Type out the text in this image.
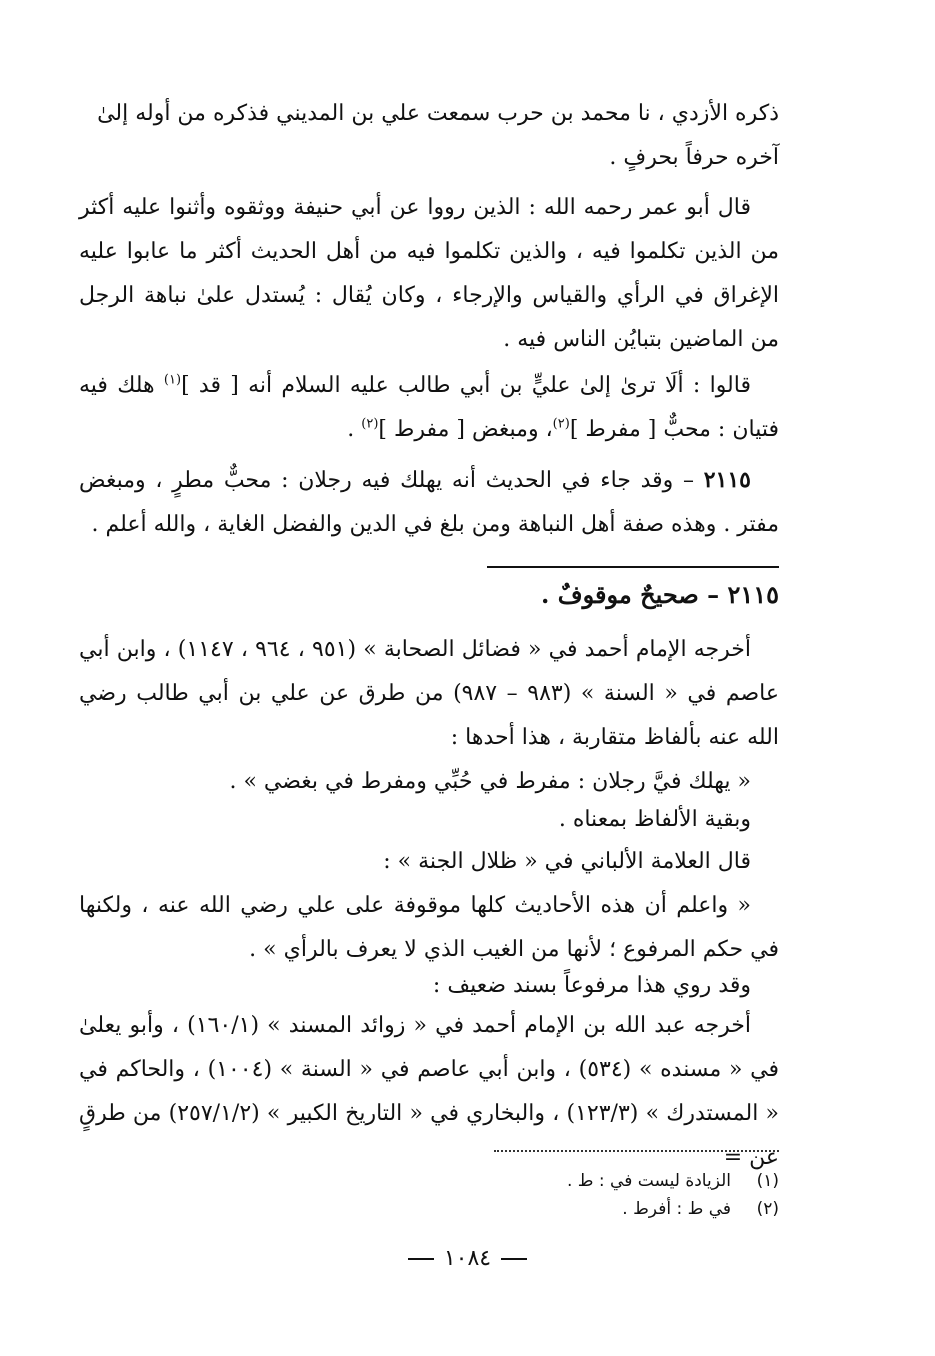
ذكره الأزدي ، نا محمد بن حرب سمعت علي بن المديني فذكره من أوله إلىٰ
آخره حرفاً بحرفٍ .

قال أبو عمر رحمه الله : الذين رووا عن أبي حنيفة ووثقوه وأثنوا عليه أكثر من الذين تكلموا فيه ، والذين تكلموا فيه من أهل الحديث أكثر ما عابوا عليه الإغراق في الرأي والقياس والإرجاء ، وكان يُقال : يُستدل علىٰ نباهة الرجل من الماضين بتبايُن الناس فيه .

قالوا : ألَا ترىٰ إلىٰ عليٍّ بن أبي طالب عليه السلام أنه [ قد ]$^{(١)}$ هلك فيه فتيان : محبٌّ [ مفرط ]$^{(٢)}$، ومبغض [ مفرط ]$^{(٢)}$ .

٢١١٥ – وقد جاء في الحديث أنه يهلك فيه رجلان : محبٌّ مطرٍ ، ومبغض مفتر . وهذه صفة أهل النباهة ومن بلغ في الدين والفضل الغاية ، والله أعلم .

٢١١٥ – صحيحٌ موقوفٌ .

أخرجه الإمام أحمد في « فضائل الصحابة » (٩٥١ ، ٩٦٤ ، ١١٤٧) ، وابن أبي عاصم في « السنة » (٩٨٣ – ٩٨٧) من طرق عن علي بن أبي طالب رضي الله عنه بألفاظ متقاربة ، هذا أحدها :

« يهلك فيَّ رجلان : مفرط في حُبِّي ومفرط في بغضي » .

وبقية الألفاظ بمعناه .

قال العلامة الألباني في « ظلال الجنة » :

« واعلم أن هذه الأحاديث كلها موقوفة على علي رضي الله عنه ، ولكنها في حكم المرفوع ؛ لأنها من الغيب الذي لا يعرف بالرأي » .

وقد روي هذا مرفوعاً بسند ضعيف :

أخرجه عبد الله بن الإمام أحمد في « زوائد المسند » (١٦٠/١) ، وأبو يعلىٰ في « مسنده » (٥٣٤) ، وابن أبي عاصم في « السنة » (١٠٠٤) ، والحاكم في « المستدرك » (١٢٣/٣) ، والبخاري في « التاريخ الكبير » (٢٥٧/١/٢) من طرقٍ عن =

(١)الزيادة ليست في : ط .

(٢)في ط : أفرط .

١٠٨٤
